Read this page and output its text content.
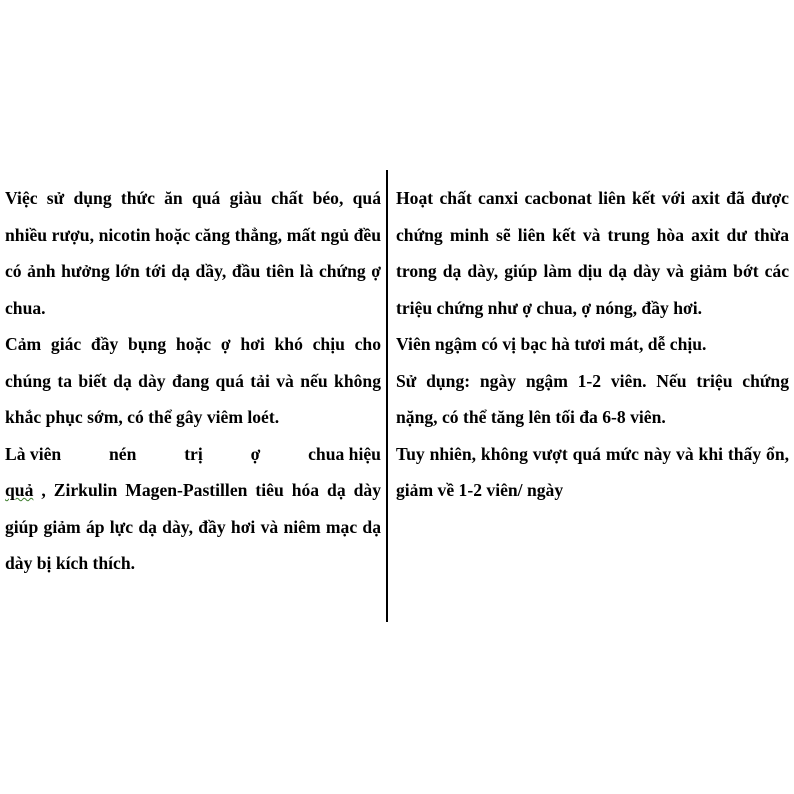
Việc sử dụng thức ăn quá giàu chất béo, quá nhiều rượu, nicotin hoặc căng thẳng, mất ngủ đều có ảnh hưởng lớn tới dạ dầy, đầu tiên là chứng ợ chua.

Cảm giác đầy bụng hoặc ợ hơi khó chịu cho chúng ta biết dạ dày đang quá tải và nếu không khắc phục sớm, có thể gây viêm loét.

Là viên	nén	trị	ợ	chua hiệu
quả , Zirkulin Magen-Pastillen tiêu hóa dạ dày giúp giảm áp lực dạ dày, đầy hơi và niêm mạc dạ dày bị kích thích.

Hoạt chất canxi cacbonat liên kết với axit đã được chứng minh sẽ liên kết và trung hòa axit dư thừa trong dạ dày, giúp làm dịu dạ dày và giảm bớt các triệu chứng như ợ chua, ợ nóng, đầy hơi.

Viên ngậm có vị bạc hà tươi mát, dễ chịu.

Sử dụng: ngày ngậm 1-2 viên. Nếu triệu chứng nặng, có thể tăng lên tối đa 6-8 viên.

Tuy nhiên, không vượt quá mức này và khi thấy ổn, giảm về 1-2 viên/ ngày
